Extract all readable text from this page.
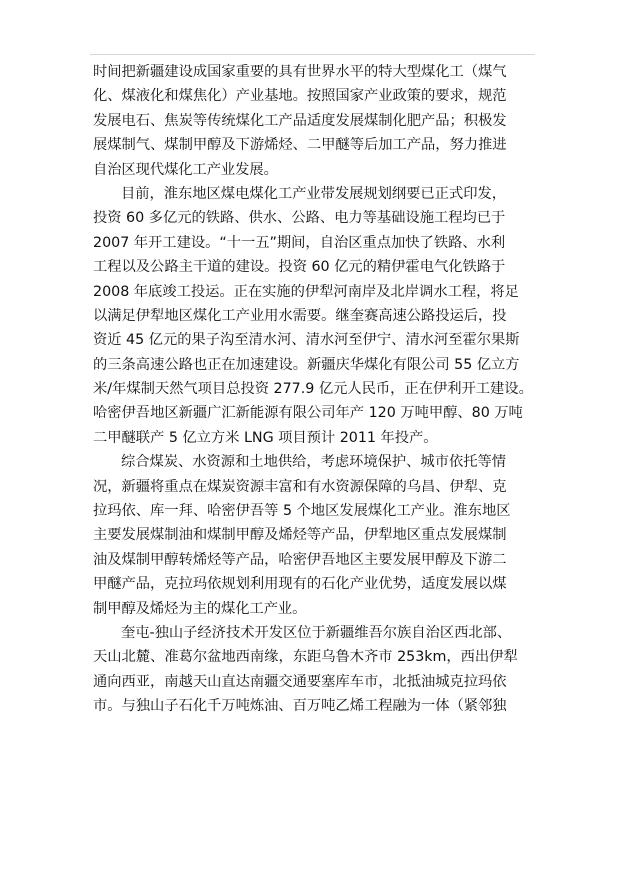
时间把新疆建设成国家重要的具有世界水平的特大型煤化工（煤气
化、煤液化和煤焦化）产业基地。按照国家产业政策的要求，规范
发展电石、焦炭等传统煤化工产品适度发展煤制化肥产品；积极发
展煤制气、煤制甲醇及下游烯烃、二甲醚等后加工产品，努力推进
自治区现代煤化工产业发展。
目前，淮东地区煤电煤化工产业带发展规划纲要已正式印发，
投资 60 多亿元的铁路、供水、公路、电力等基础设施工程均已于
2007 年开工建设。“十一五”期间，自治区重点加快了铁路、水利
工程以及公路主干道的建设。投资 60 亿元的精伊霍电气化铁路于
2008 年底竣工投运。正在实施的伊犁河南岸及北岸调水工程，将足
以满足伊犁地区煤化工产业用水需要。继奎赛高速公路投运后，投
资近 45 亿元的果子沟至清水河、清水河至伊宁、清水河至霍尔果斯
的三条高速公路也正在加速建设。新疆庆华煤化有限公司 55 亿立方
米/年煤制天然气项目总投资 277.9 亿元人民币，正在伊利开工建设。
哈密伊吾地区新疆广汇新能源有限公司年产 120 万吨甲醇、80 万吨
二甲醚联产 5 亿立方米 LNG 项目预计 2011 年投产。
综合煤炭、水资源和土地供给，考虑环境保护、城市依托等情
况，新疆将重点在煤炭资源丰富和有水资源保障的乌昌、伊犁、克
拉玛依、库一拜、哈密伊吾等 5 个地区发展煤化工产业。淮东地区
主要发展煤制油和煤制甲醇及烯烃等产品，伊犁地区重点发展煤制
油及煤制甲醇转烯烃等产品，哈密伊吾地区主要发展甲醇及下游二
甲醚产品，克拉玛依规划利用现有的石化产业优势，适度发展以煤
制甲醇及烯烃为主的煤化工产业。
奎屯-独山子经济技术开发区位于新疆维吾尔族自治区西北部、
天山北麓、准葛尔盆地西南缘，东距乌鲁木齐市 253km，西出伊犁
通向西亚，南越天山直达南疆交通要塞库车市，北抵油城克拉玛依
市。与独山子石化千万吨炼油、百万吨乙烯工程融为一体（紧邻独
